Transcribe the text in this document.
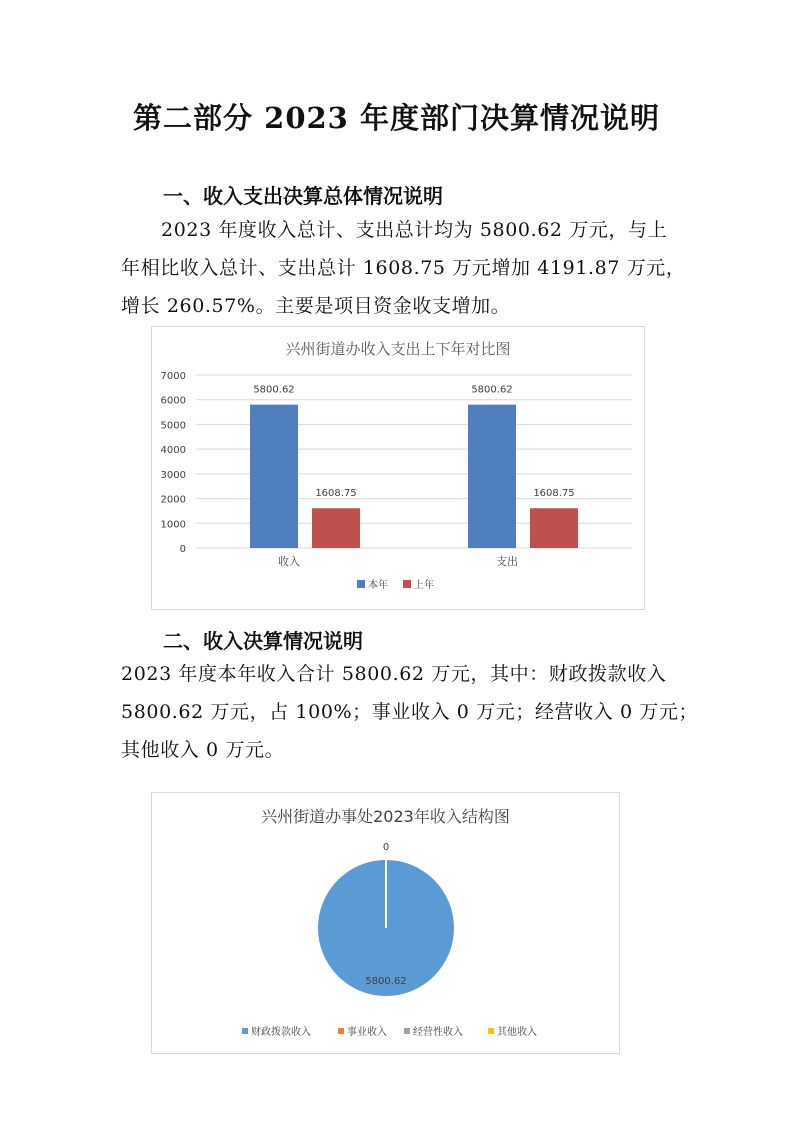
第二部分 2023 年度部门决算情况说明
一、收入支出决算总体情况说明
2023 年度收入总计、支出总计均为 5800.62 万元，与上
年相比收入总计、支出总计 1608.75 万元增加 4191.87 万元，
增长 260.57%。主要是项目资金收支增加。
兴州街道办收入支出上下年对比图
0
1000
2000
3000
4000
5000
6000
7000
5800.62
1608.75
收入
5800.62
1608.75
支出
本年	上年
二、收入决算情况说明
2023 年度本年收入合计 5800.62 万元，其中：财政拨款收入
5800.62 万元，占 100%；事业收入 0 万元；经营收入 0 万元；
其他收入 0 万元。
兴州街道办事处2023年收入结构图
0
5800.62
财政拨款收入	事业收入	经营性收入	其他收入
